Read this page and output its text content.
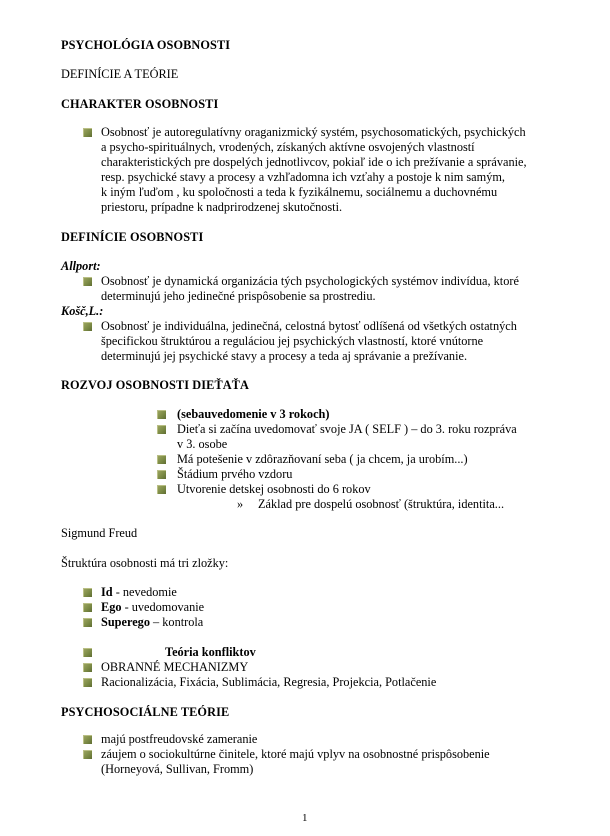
PSYCHOLÓGIA OSOBNOSTI
DEFINÍCIE A TEÓRIE
CHARAKTER OSOBNOSTI
Osobnosť je autoregulatívny oraganizmický systém, psychosomatických, psychických
a psycho-spirituálnych, vrodených, získaných aktívne osvojených vlastností
charakteristických pre dospelých jednotlivcov, pokiaľ ide o ich prežívanie a správanie,
resp. psychické stavy a procesy a vzhľadomna ich vzťahy a postoje k nim samým,
k iným ľuďom , ku spoločnosti a teda k fyzikálnemu, sociálnemu a duchovnému
priestoru, prípadne k nadprirodzenej skutočnosti.
DEFINÍCIE OSOBNOSTI
Allport:
Osobnosť je dynamická organizácia tých psychologických systémov indivídua, ktoré
determinujú jeho jedinečné prispôsobenie sa prostrediu.
Košč,L.:
Osobnosť je individuálna, jedinečná, celostná bytosť odlíšená od všetkých ostatných
špecifickou štruktúrou a reguláciou jej psychických vlastností, ktoré vnútorne
determinujú jej psychické stavy a procesy a teda aj správanie a prežívanie.
ROZVOJ OSOBNOSTI DIEŤAŤA
(sebauvedomenie v 3 rokoch)
Dieťa si začína uvedomovať svoje JA ( SELF ) – do 3. roku rozpráva
v 3. osobe
Má potešenie v zdôrazňovaní seba ( ja chcem, ja urobím...)
Štádium prvého vzdoru
Utvorenie detskej osobnosti do 6 rokov
» Základ pre dospelú osobnosť (štruktúra, identita...
Sigmund Freud
Štruktúra osobnosti má tri zložky:
Id - nevedomie
Ego - uvedomovanie
Superego – kontrola
Teória konfliktov
OBRANNÉ MECHANIZMY
Racionalizácia, Fixácia, Sublimácia, Regresia, Projekcia, Potlačenie
PSYCHOSOCIÁLNE TEÓRIE
majú postfreudovské zameranie
záujem o sociokultúrne činitele, ktoré majú vplyv na osobnostné prispôsobenie
(Horneyová, Sullivan, Fromm)
1
